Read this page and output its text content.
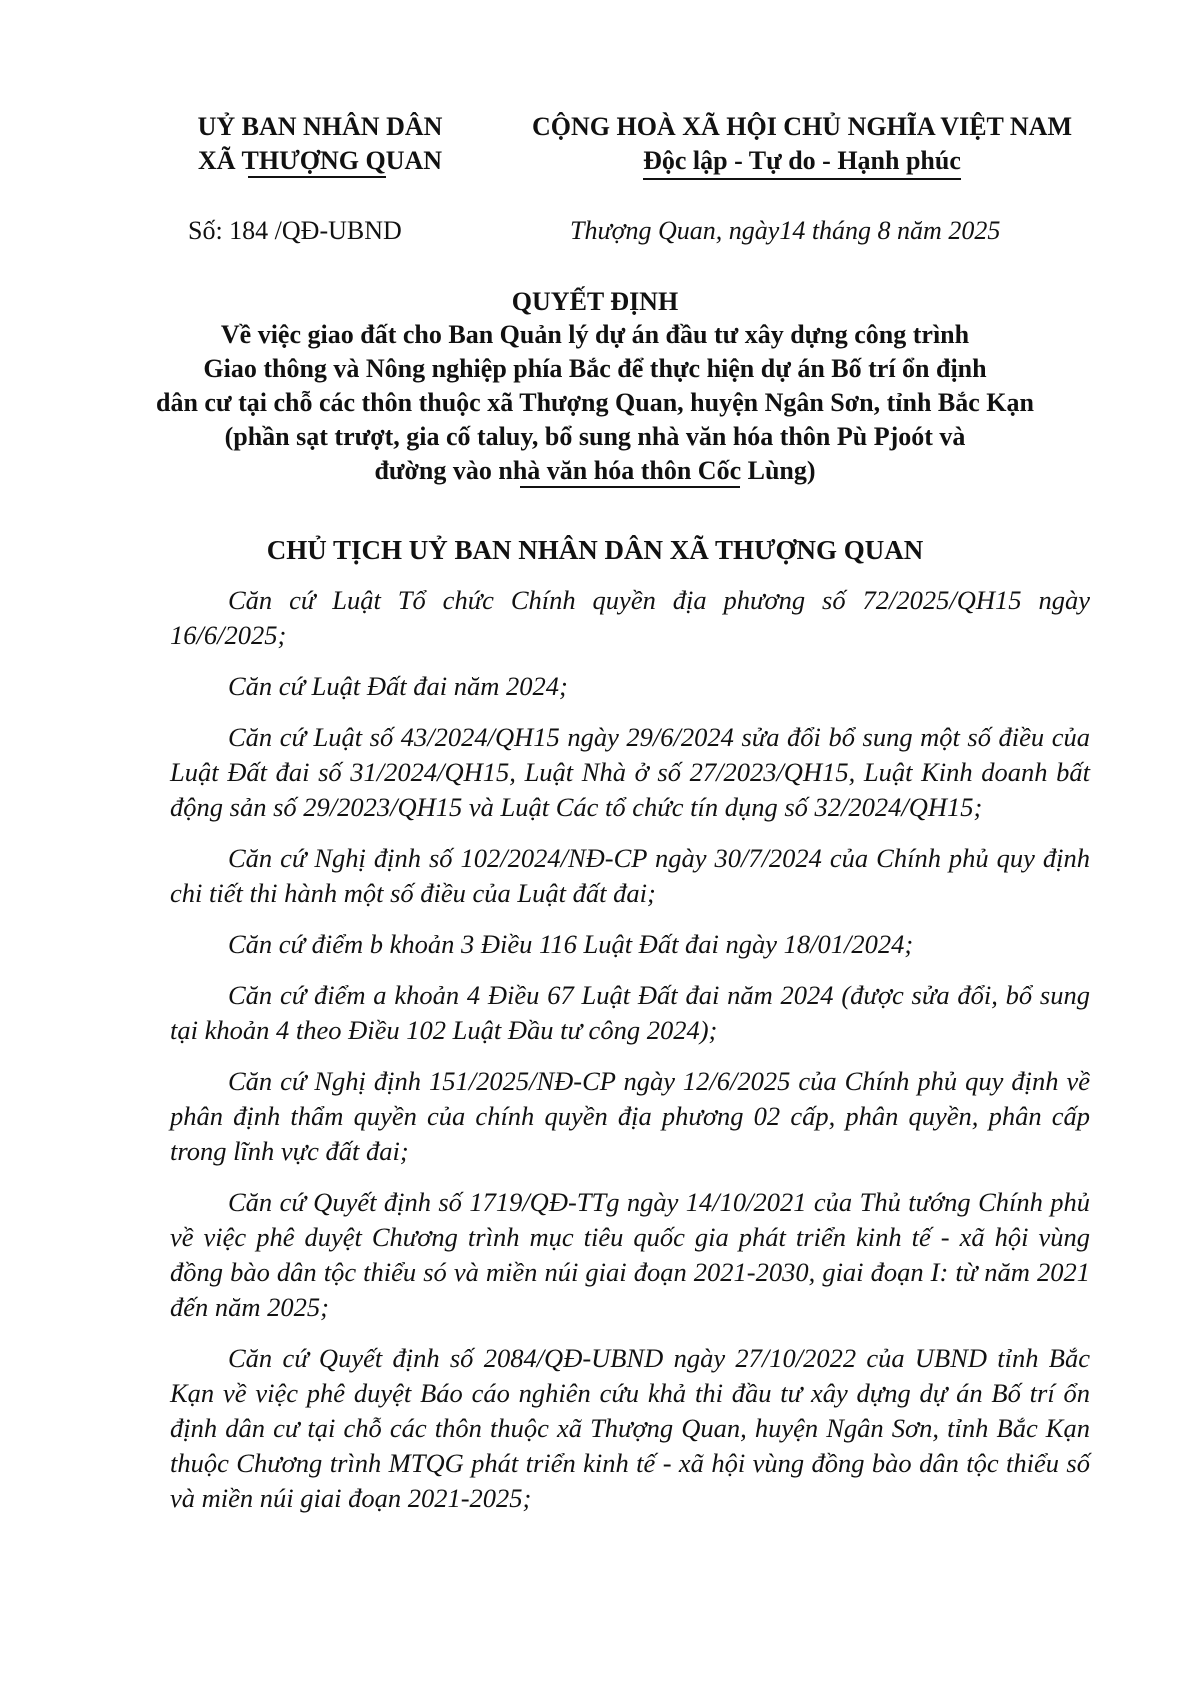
UỶ BAN NHÂN DÂN
XÃ THƯỢNG QUAN
CỘNG HOÀ XÃ HỘI CHỦ NGHĨA VIỆT NAM
Độc lập - Tự do - Hạnh phúc
Số: 184 /QĐ-UBND	Thượng Quan, ngày14 tháng 8 năm 2025
QUYẾT ĐỊNH
Về việc giao đất cho Ban Quản lý dự án đầu tư xây dựng công trình
Giao thông và Nông nghiệp phía Bắc để thực hiện dự án Bố trí ổn định
dân cư tại chỗ các thôn thuộc xã Thượng Quan, huyện Ngân Sơn, tỉnh Bắc Kạn
(phần sạt trượt, gia cố taluy, bổ sung nhà văn hóa thôn Pù Pjoót và
đường vào nhà văn hóa thôn Cốc Lùng)
CHỦ TỊCH UỶ BAN NHÂN DÂN XÃ THƯỢNG QUAN

Căn cứ Luật Tổ chức Chính quyền địa phương số 72/2025/QH15 ngày 16/6/2025;

Căn cứ Luật Đất đai năm 2024;

Căn cứ Luật số 43/2024/QH15 ngày 29/6/2024 sửa đổi bổ sung một số điều của Luật Đất đai số 31/2024/QH15, Luật Nhà ở số 27/2023/QH15, Luật Kinh doanh bất động sản số 29/2023/QH15 và Luật Các tổ chức tín dụng số 32/2024/QH15;

Căn cứ Nghị định số 102/2024/NĐ-CP ngày 30/7/2024 của Chính phủ quy định chi tiết thi hành một số điều của Luật đất đai;

Căn cứ điểm b khoản 3 Điều 116 Luật Đất đai ngày 18/01/2024;

Căn cứ điểm a khoản 4 Điều 67 Luật Đất đai năm 2024 (được sửa đổi, bổ sung tại khoản 4 theo Điều 102 Luật Đầu tư công 2024);

Căn cứ Nghị định 151/2025/NĐ-CP ngày 12/6/2025 của Chính phủ quy định về phân định thẩm quyền của chính quyền địa phương 02 cấp, phân quyền, phân cấp trong lĩnh vực đất đai;

Căn cứ Quyết định số 1719/QĐ-TTg ngày 14/10/2021 của Thủ tướng Chính phủ về việc phê duyệt Chương trình mục tiêu quốc gia phát triển kinh tế - xã hội vùng đồng bào dân tộc thiểu só và miền núi giai đoạn 2021-2030, giai đoạn I: từ năm 2021 đến năm 2025;

Căn cứ Quyết định số 2084/QĐ-UBND ngày 27/10/2022 của UBND tỉnh Bắc Kạn về việc phê duyệt Báo cáo nghiên cứu khả thi đầu tư xây dựng dự án Bố trí ổn định dân cư tại chỗ các thôn thuộc xã Thượng Quan, huyện Ngân Sơn, tỉnh Bắc Kạn thuộc Chương trình MTQG phát triển kinh tế - xã hội vùng đồng bào dân tộc thiểu số và miền núi giai đoạn 2021-2025;
